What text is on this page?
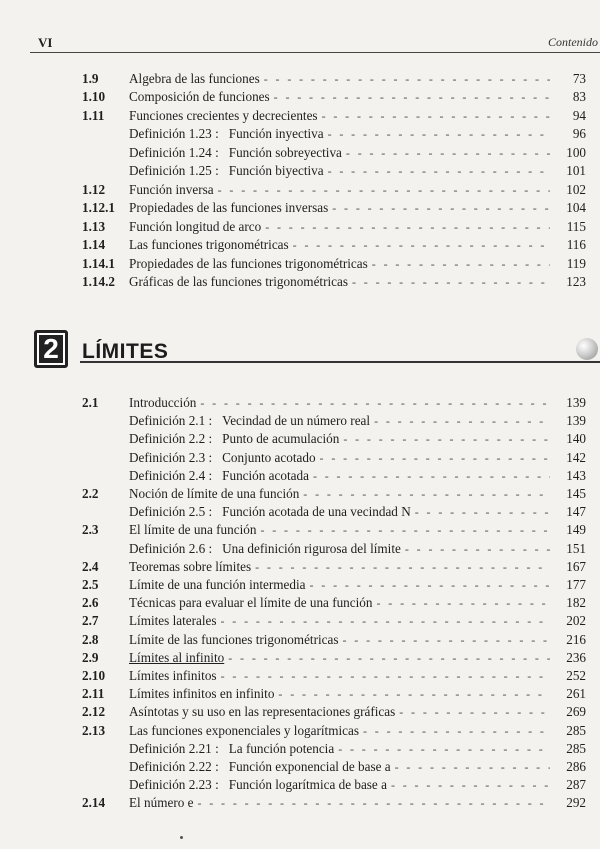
VI	Contenido
1.9 Algebra de las funciones - - -	73
1.10 Composición de funciones - - -	83
1.11 Funciones crecientes y decrecientes - - -	94
Definición 1.23 : Función inyectiva - - -	96
Definición 1.24 : Función sobreyectiva - - -	100
Definición 1.25 : Función biyectiva - - -	101
1.12 Función inversa - - -	102
1.12.1 Propiedades de las funciones inversas - - -	104
1.13 Función longitud de arco - - -	115
1.14 Las funciones trigonométricas - - -	116
1.14.1 Propiedades de las funciones trigonométricas - - -	119
1.14.2 Gráficas de las funciones trigonométricas - - -	123
2	LÍMITES
2.1 Introducción - - -	139
Definición 2.1 : Vecindad de un número real - - -	139
Definición 2.2 : Punto de acumulación - - -	140
Definición 2.3 : Conjunto acotado - - -	142
Definición 2.4 : Función acotada - - -	143
2.2 Noción de límite de una función - - -	145
Definición 2.5 : Función acotada de una vecindad N - - -	147
2.3 El límite de una función - - -	149
Definición 2.6 : Una definición rigurosa del límite - - -	151
2.4 Teoremas sobre límites - - -	167
2.5 Límite de una función intermedia - - -	177
2.6 Técnicas para evaluar el límite de una función - - -	182
2.7 Límites laterales - - -	202
2.8 Límite de las funciones trigonométricas - - -	216
2.9 Límites al infinito - - -	236
2.10 Límites infinitos - - -	252
2.11 Límites infinitos en infinito - - -	261
2.12 Asíntotas y su uso en las representaciones gráficas - - -	269
2.13 Las funciones exponenciales y logarítmicas - - -	285
Definición 2.21 : La función potencia - - -	285
Definición 2.22 : Función exponencial de base a - - -	286
Definición 2.23 : Función logarítmica de base a - - -	287
2.14 El número e - - -	292
